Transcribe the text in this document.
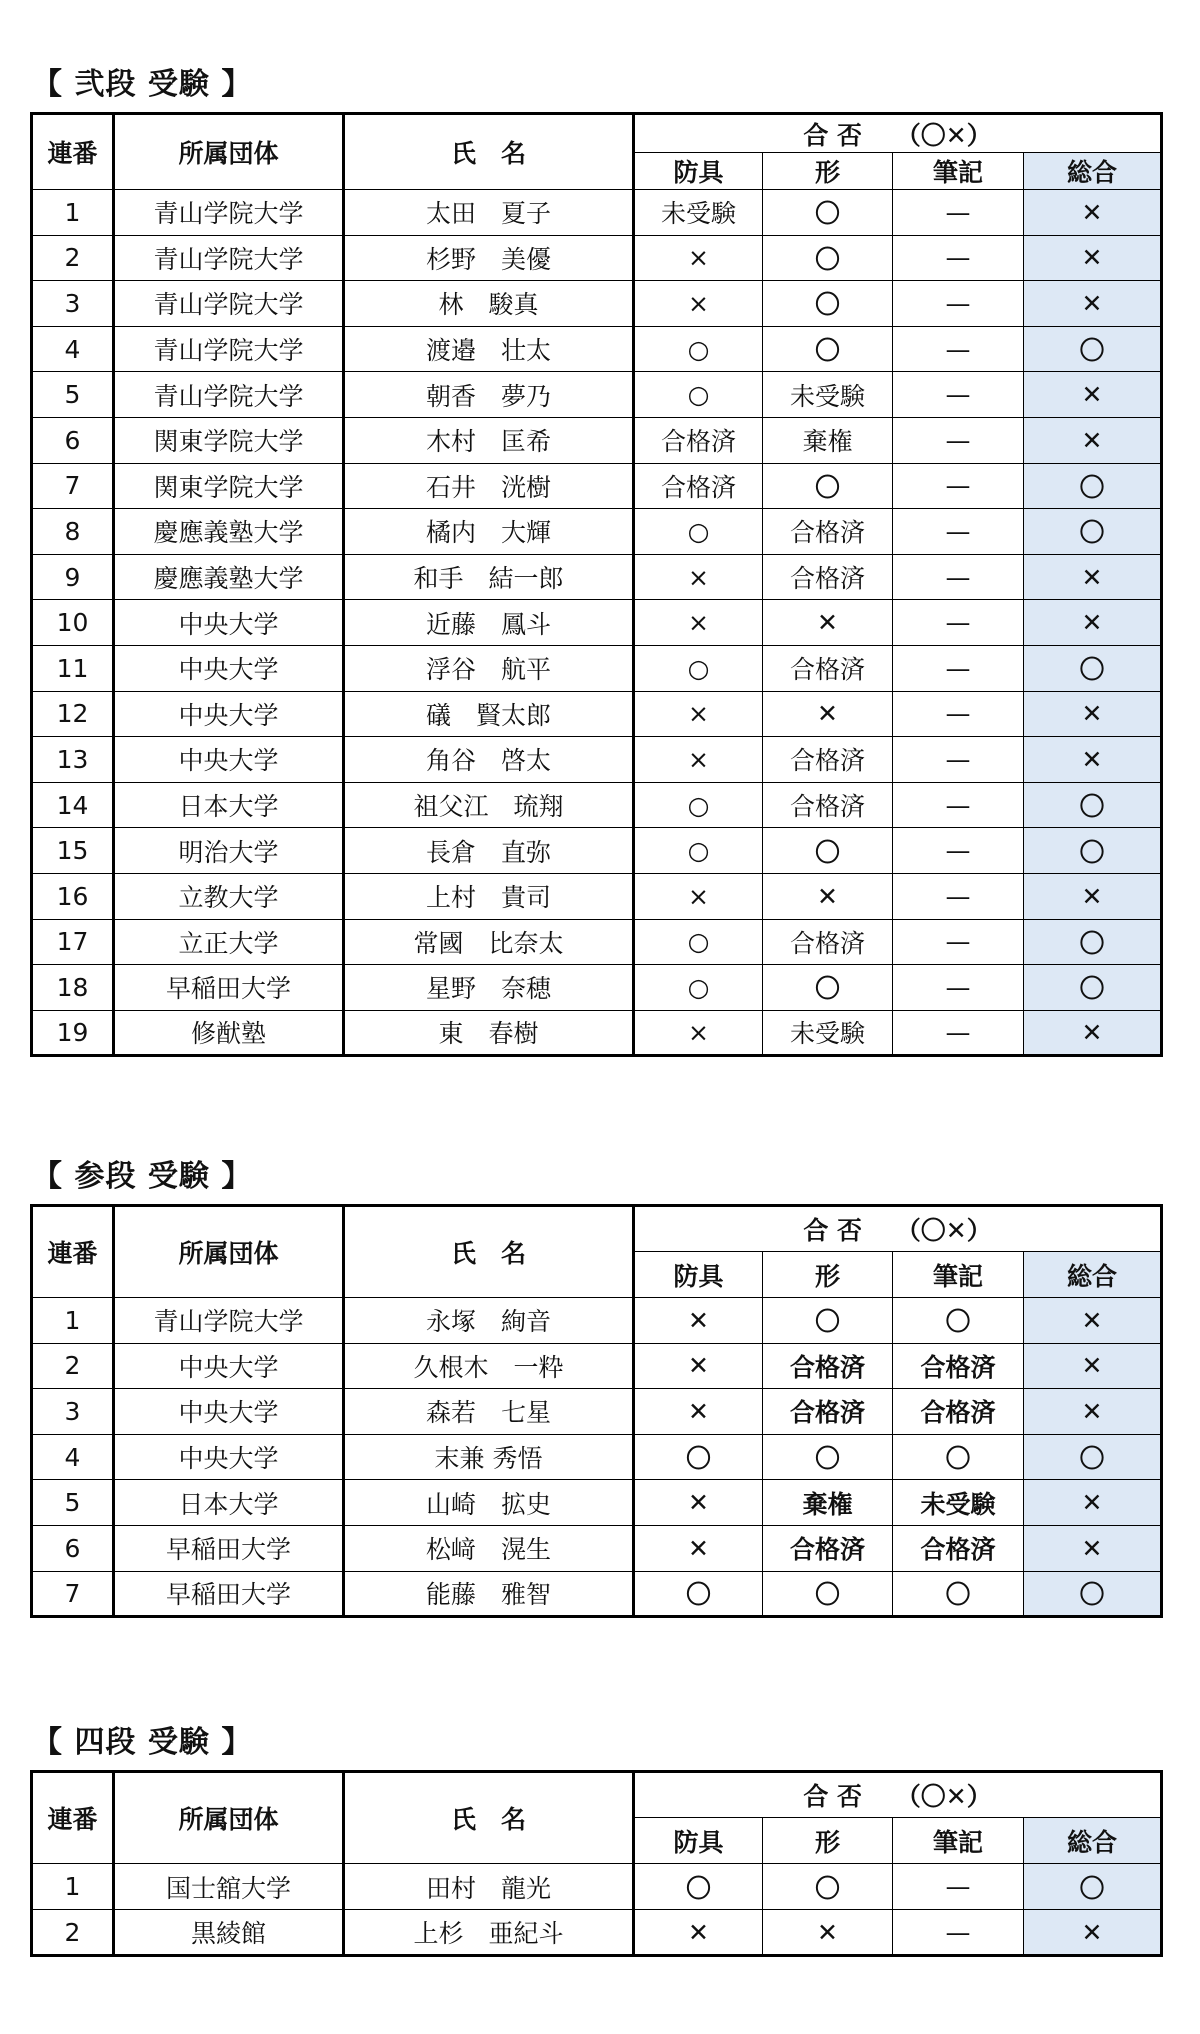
【 弐段 受験 】
連番	所属団体	氏　名	合 否　 （〇✕）			
			防具	形	筆記	総合
1	青山学院大学	太田　夏子	未受験	〇	—	✕
2	青山学院大学	杉野　美優	×	〇	—	✕
3	青山学院大学	林　駿真	×	〇	—	✕
4	青山学院大学	渡邉　壮太	○	〇	—	〇
5	青山学院大学	朝香　夢乃	○	未受験	—	✕
6	関東学院大学	木村　匡希	合格済	棄権	—	✕
7	関東学院大学	石井　洸樹	合格済	〇	—	〇
8	慶應義塾大学	橘内　大輝	○	合格済	—	〇
9	慶應義塾大学	和手　結一郎	×	合格済	—	✕
10	中央大学	近藤　鳳斗	×	✕	—	✕
11	中央大学	浮谷　航平	○	合格済	—	〇
12	中央大学	礒　賢太郎	×	✕	—	✕
13	中央大学	角谷　啓太	×	合格済	—	✕
14	日本大学	祖父江　琉翔	○	合格済	—	〇
15	明治大学	長倉　直弥	○	〇	—	〇
16	立教大学	上村　貴司	×	✕	—	✕
17	立正大学	常國　比奈太	○	合格済	—	〇
18	早稲田大学	星野　奈穂	○	〇	—	〇
19	修猷塾	東　春樹	×	未受験	—	✕
【 参段 受験 】
連番	所属団体	氏　名	合 否　 （〇✕）			
			防具	形	筆記	総合
1	青山学院大学	永塚　絢音	✕	〇	〇	✕
2	中央大学	久根木　一粋	✕	合格済	合格済	✕
3	中央大学	森若　七星	✕	合格済	合格済	✕
4	中央大学	末兼 秀悟	〇	〇	〇	〇
5	日本大学	山崎　拡史	✕	棄権	未受験	✕
6	早稲田大学	松﨑　滉生	✕	合格済	合格済	✕
7	早稲田大学	能藤　雅智	〇	〇	〇	〇
【 四段 受験 】
連番	所属団体	氏　名	合 否　 （〇✕）			
			防具	形	筆記	総合
1	国士舘大学	田村　龍光	〇	〇	—	〇
2	黒綾館	上杉　亜紀斗	✕	✕	—	✕
